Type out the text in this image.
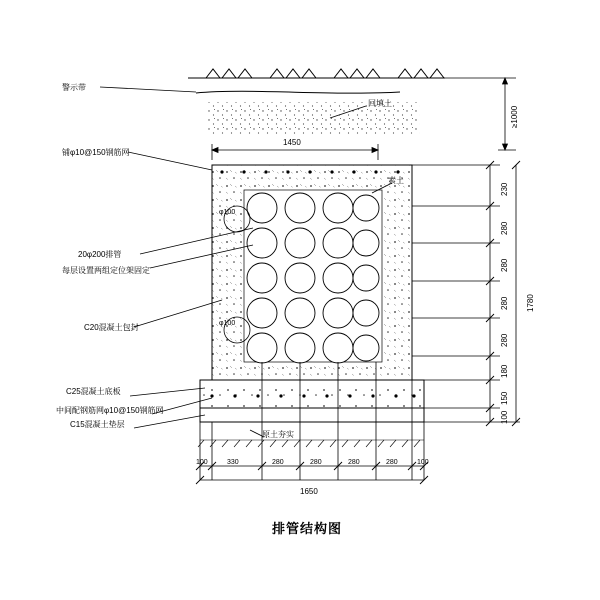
警示带
铺φ10@150钢筋网
20φ200排管
每层设置两组定位架固定
C20混凝土包封
C25混凝土底板
中间配钢筋网φ10@150钢筋网
C15混凝土垫层
回填土
素土
φ100
φ100
原土夯实
1450
1650
100	330	280	280	280	280	100
230
280
280
280
280
180
150
100
1780
≥1000
排管结构图
